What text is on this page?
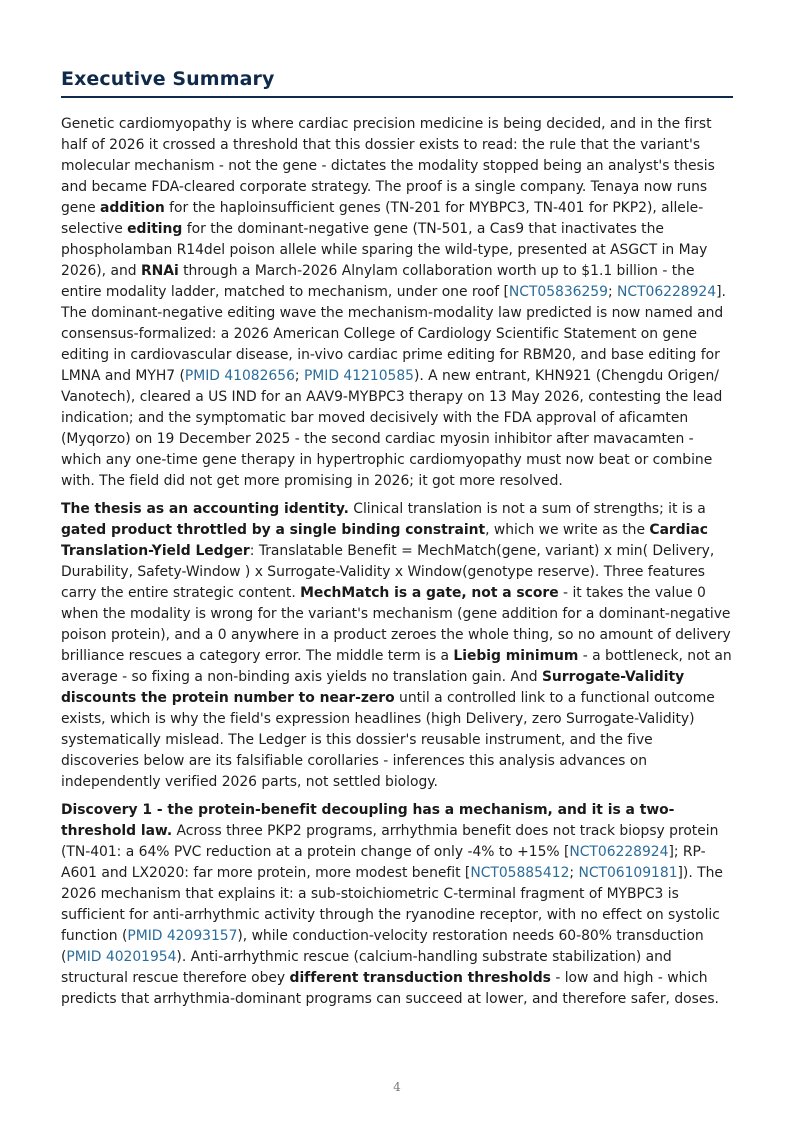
Executive Summary

Genetic cardiomyopathy is where cardiac precision medicine is being decided, and in the first half of 2026 it crossed a threshold that this dossier exists to read: the rule that the variant's molecular mechanism - not the gene - dictates the modality stopped being an analyst's thesis and became FDA-cleared corporate strategy. The proof is a single company. Tenaya now runs gene addition for the haploinsufficient genes (TN-201 for MYBPC3, TN-401 for PKP2), allele-selective editing for the dominant-negative gene (TN-501, a Cas9 that inactivates the phospholamban R14del poison allele while sparing the wild-type, presented at ASGCT in May 2026), and RNAi through a March-2026 Alnylam collaboration worth up to $1.1 billion - the entire modality ladder, matched to mechanism, under one roof [NCT05836259; NCT06228924]. The dominant-negative editing wave the mechanism-modality law predicted is now named and consensus-formalized: a 2026 American College of Cardiology Scientific Statement on gene editing in cardiovascular disease, in-vivo cardiac prime editing for RBM20, and base editing for LMNA and MYH7 (PMID 41082656; PMID 41210585). A new entrant, KHN921 (Chengdu Origen/ Vanotech), cleared a US IND for an AAV9-MYBPC3 therapy on 13 May 2026, contesting the lead indication; and the symptomatic bar moved decisively with the FDA approval of aficamten (Myqorzo) on 19 December 2025 - the second cardiac myosin inhibitor after mavacamten - which any one-time gene therapy in hypertrophic cardiomyopathy must now beat or combine with. The field did not get more promising in 2026; it got more resolved.

The thesis as an accounting identity. Clinical translation is not a sum of strengths; it is a gated product throttled by a single binding constraint, which we write as the Cardiac Translation-Yield Ledger: Translatable Benefit = MechMatch(gene, variant) x min( Delivery, Durability, Safety-Window ) x Surrogate-Validity x Window(genotype reserve). Three features carry the entire strategic content. MechMatch is a gate, not a score - it takes the value 0 when the modality is wrong for the variant's mechanism (gene addition for a dominant-negative poison protein), and a 0 anywhere in a product zeroes the whole thing, so no amount of delivery brilliance rescues a category error. The middle term is a Liebig minimum - a bottleneck, not an average - so fixing a non-binding axis yields no translation gain. And Surrogate-Validity discounts the protein number to near-zero until a controlled link to a functional outcome exists, which is why the field's expression headlines (high Delivery, zero Surrogate-Validity) systematically mislead. The Ledger is this dossier's reusable instrument, and the five discoveries below are its falsifiable corollaries - inferences this analysis advances on independently verified 2026 parts, not settled biology.

Discovery 1 - the protein-benefit decoupling has a mechanism, and it is a two-threshold law. Across three PKP2 programs, arrhythmia benefit does not track biopsy protein (TN-401: a 64% PVC reduction at a protein change of only -4% to +15% [NCT06228924]; RP-A601 and LX2020: far more protein, more modest benefit [NCT05885412; NCT06109181]). The 2026 mechanism that explains it: a sub-stoichiometric C-terminal fragment of MYBPC3 is sufficient for anti-arrhythmic activity through the ryanodine receptor, with no effect on systolic function (PMID 42093157), while conduction-velocity restoration needs 60-80% transduction (PMID 40201954). Anti-arrhythmic rescue (calcium-handling substrate stabilization) and structural rescue therefore obey different transduction thresholds - low and high - which predicts that arrhythmia-dominant programs can succeed at lower, and therefore safer, doses.

4
